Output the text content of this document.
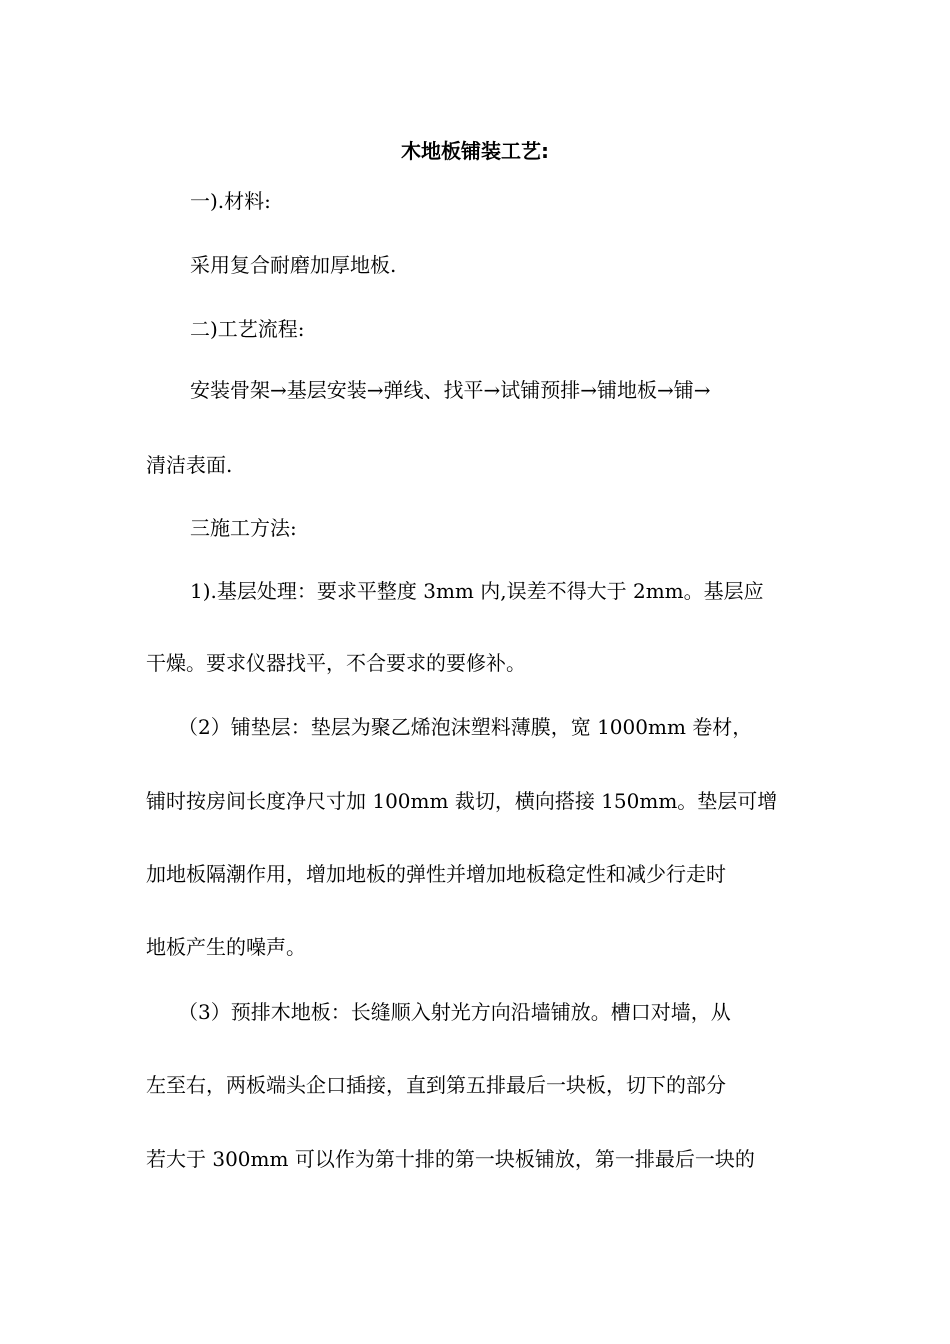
木地板铺装工艺:
一).材料:
采用复合耐磨加厚地板.
二)工艺流程:
安装骨架→基层安装→弹线、找平→试铺预排→铺地板→铺→
清洁表面.
三施工方法:
1).基层处理：要求平整度 3mm 内,误差不得大于 2mm。基层应
干燥。要求仪器找平，不合要求的要修补。
（2）铺垫层：垫层为聚乙烯泡沫塑料薄膜，宽 1000mm 卷材，
铺时按房间长度净尺寸加 100mm 裁切，横向搭接 150mm。垫层可增
加地板隔潮作用，增加地板的弹性并增加地板稳定性和减少行走时
地板产生的噪声。
（3）预排木地板：长缝顺入射光方向沿墙铺放。槽口对墙，从
左至右，两板端头企口插接，直到第五排最后一块板，切下的部分
若大于 300mm 可以作为第十排的第一块板铺放，第一排最后一块的
